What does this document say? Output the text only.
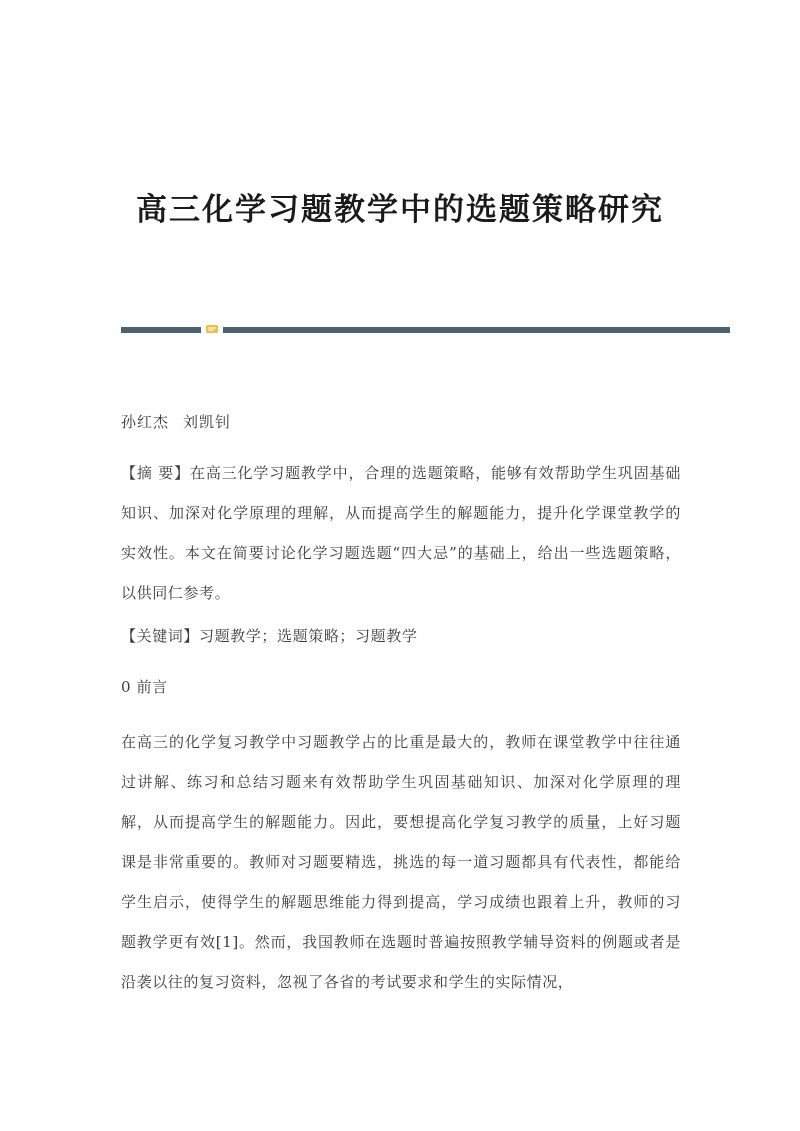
高三化学习题教学中的选题策略研究

孙红杰 刘凯钊

【摘 要】在高三化学习题教学中，合理的选题策略，能够有效帮助学生巩固基础知识、加深对化学原理的理解，从而提高学生的解题能力，提升化学课堂教学的实效性。本文在简要讨论化学习题选题“四大忌”的基础上，给出一些选题策略，以供同仁参考。

【关键词】习题教学；选题策略；习题教学

0 前言

在高三的化学复习教学中习题教学占的比重是最大的，教师在课堂教学中往往通过讲解、练习和总结习题来有效帮助学生巩固基础知识、加深对化学原理的理解，从而提高学生的解题能力。因此，要想提高化学复习教学的质量，上好习题课是非常重要的。教师对习题要精选，挑选的每一道习题都具有代表性，都能给学生启示，使得学生的解题思维能力得到提高，学习成绩也跟着上升，教师的习题教学更有效[1]。然而，我国教师在选题时普遍按照教学辅导资料的例题或者是沿袭以往的复习资料，忽视了各省的考试要求和学生的实际情况，
